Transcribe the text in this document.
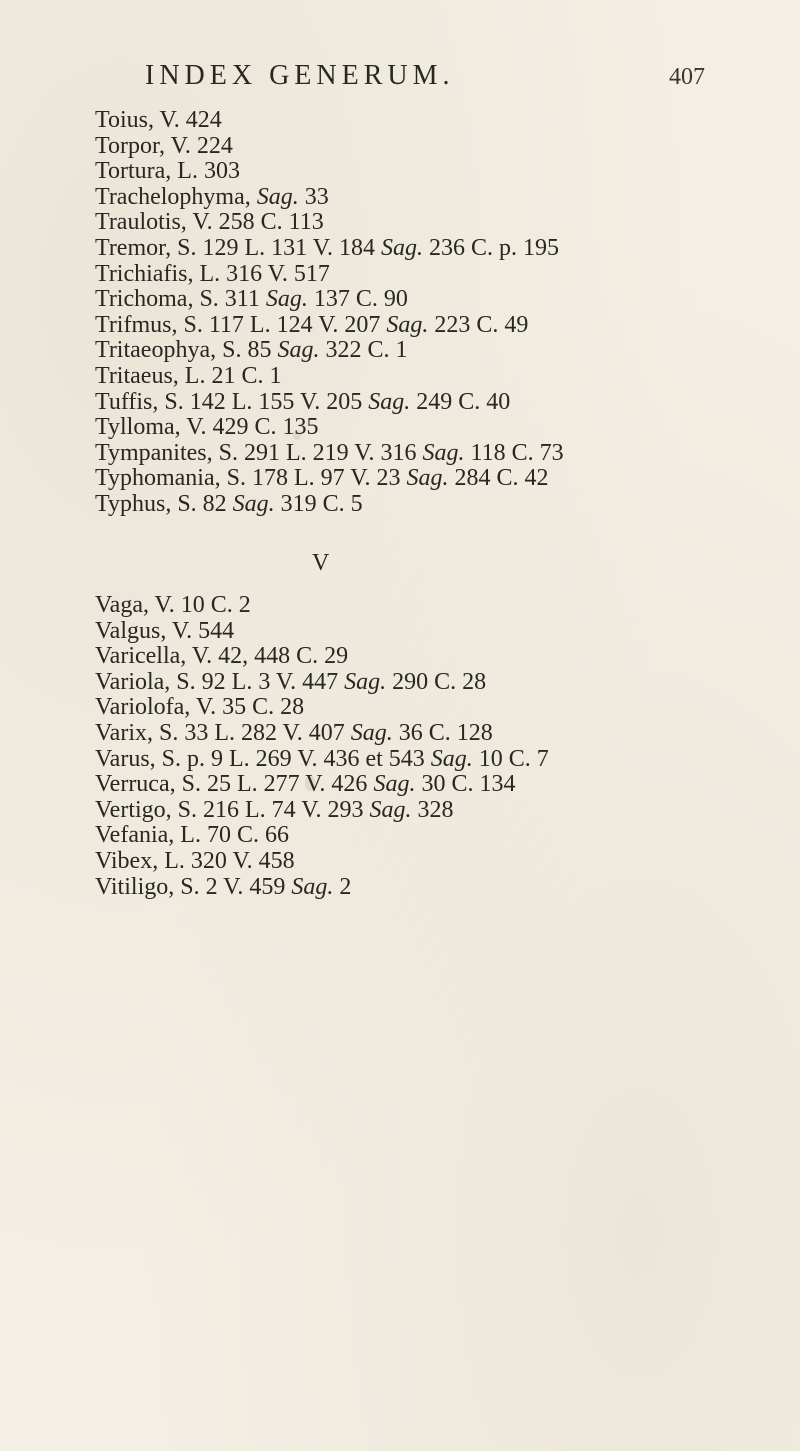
INDEX GENERUM.	407
Toius, V. 424
Torpor, V. 224
Tortura, L. 303
Trachelophyma, Sag. 33
Traulotis, V. 258 C. 113
Tremor, S. 129 L. 131 V. 184 Sag. 236 C. p. 195
Trichiafis, L. 316 V. 517
Trichoma, S. 311 Sag. 137 C. 90
Trifmus, S. 117 L. 124 V. 207 Sag. 223 C. 49
Tritaeophya, S. 85 Sag. 322 C. 1
Tritaeus, L. 21 C. 1
Tuffis, S. 142 L. 155 V. 205 Sag. 249 C. 40
Tylloma, V. 429 C. 135
Tympanites, S. 291 L. 219 V. 316 Sag. 118 C. 73
Typhomania, S. 178 L. 97 V. 23 Sag. 284 C. 42
Typhus, S. 82 Sag. 319 C. 5
V
Vaga, V. 10 C. 2
Valgus, V. 544
Varicella, V. 42, 448 C. 29
Variola, S. 92 L. 3 V. 447 Sag. 290 C. 28
Variolofa, V. 35 C. 28
Varix, S. 33 L. 282 V. 407 Sag. 36 C. 128
Varus, S. p. 9 L. 269 V. 436 et 543 Sag. 10 C. 7
Verruca, S. 25 L. 277 V. 426 Sag. 30 C. 134
Vertigo, S. 216 L. 74 V. 293 Sag. 328
Vefania, L. 70 C. 66
Vibex, L. 320 V. 458
Vitiligo, S. 2 V. 459 Sag. 2
